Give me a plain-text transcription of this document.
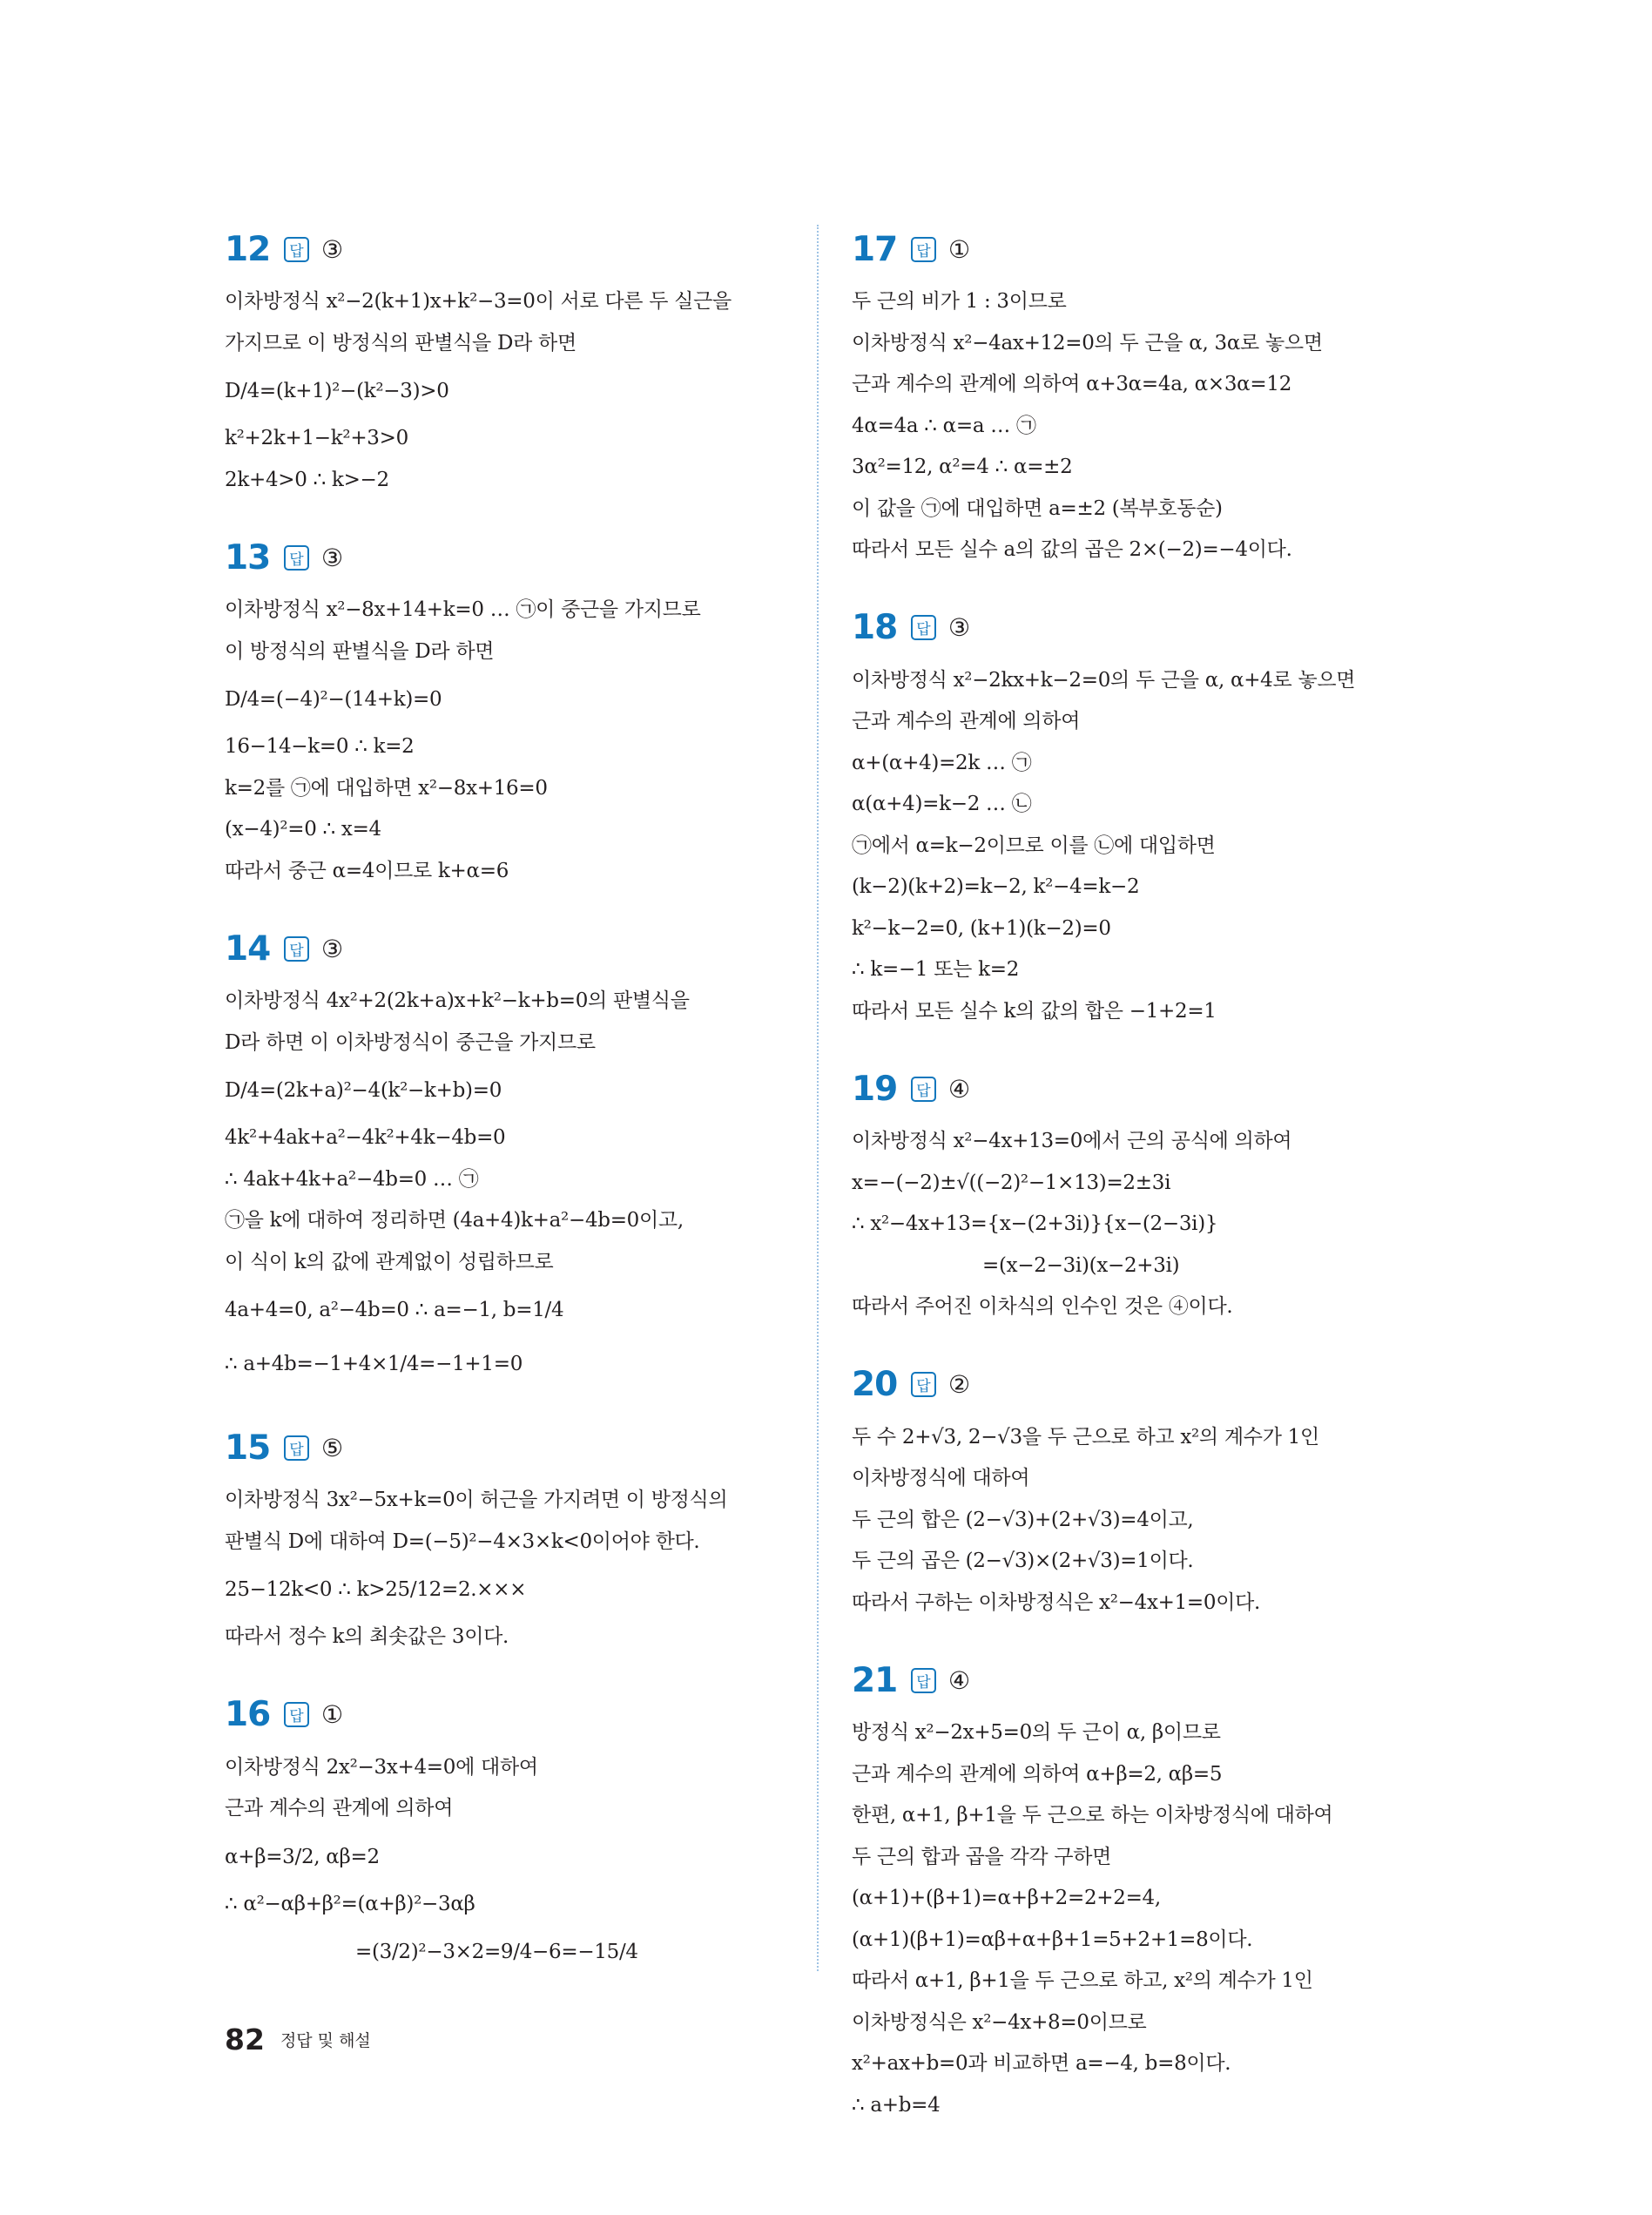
12	답 ③
이차방정식 x²−2(k+1)x+k²−3=0이 서로 다른 두 실근을
가지므로 이 방정식의 판별식을 D라 하면
D/4=(k+1)²−(k²−3)>0
k²+2k+1−k²+3>0
2k+4>0 ∴ k>−2
13	답 ③
이차방정식 x²−8x+14+k=0 … ㉠이 중근을 가지므로
이 방정식의 판별식을 D라 하면
D/4=(−4)²−(14+k)=0
16−14−k=0 ∴ k=2
k=2를 ㉠에 대입하면 x²−8x+16=0
(x−4)²=0 ∴ x=4
따라서 중근 α=4이므로 k+α=6
14	답 ③
이차방정식 4x²+2(2k+a)x+k²−k+b=0의 판별식을
D라 하면 이 이차방정식이 중근을 가지므로
D/4=(2k+a)²−4(k²−k+b)=0
4k²+4ak+a²−4k²+4k−4b=0
∴ 4ak+4k+a²−4b=0 … ㉠
㉠을 k에 대하여 정리하면 (4a+4)k+a²−4b=0이고,
이 식이 k의 값에 관계없이 성립하므로
4a+4=0, a²−4b=0 ∴ a=−1, b=1/4
∴ a+4b=−1+4×1/4=−1+1=0
15	답 ⑤
이차방정식 3x²−5x+k=0이 허근을 가지려면 이 방정식의
판별식 D에 대하여 D=(−5)²−4×3×k<0이어야 한다.
25−12k<0 ∴ k>25/12=2.×××
따라서 정수 k의 최솟값은 3이다.
16	답 ①
이차방정식 2x²−3x+4=0에 대하여
근과 계수의 관계에 의하여
α+β=3/2, αβ=2
∴ α²−αβ+β²=(α+β)²−3αβ
=(3/2)²−3×2=9/4−6=−15/4
17	답 ①
두 근의 비가 1 : 3이므로
이차방정식 x²−4ax+12=0의 두 근을 α, 3α로 놓으면
근과 계수의 관계에 의하여 α+3α=4a, α×3α=12
4α=4a ∴ α=a … ㉠
3α²=12, α²=4 ∴ α=±2
이 값을 ㉠에 대입하면 a=±2 (복부호동순)
따라서 모든 실수 a의 값의 곱은 2×(−2)=−4이다.
18	답 ③
이차방정식 x²−2kx+k−2=0의 두 근을 α, α+4로 놓으면
근과 계수의 관계에 의하여
α+(α+4)=2k … ㉠
α(α+4)=k−2 … ㉡
㉠에서 α=k−2이므로 이를 ㉡에 대입하면
(k−2)(k+2)=k−2, k²−4=k−2
k²−k−2=0, (k+1)(k−2)=0
∴ k=−1 또는 k=2
따라서 모든 실수 k의 값의 합은 −1+2=1
19	답 ④
이차방정식 x²−4x+13=0에서 근의 공식에 의하여
x=−(−2)±√((−2)²−1×13)=2±3i
∴ x²−4x+13={x−(2+3i)}{x−(2−3i)}
=(x−2−3i)(x−2+3i)
따라서 주어진 이차식의 인수인 것은 ④이다.
20	답 ②
두 수 2+√3, 2−√3을 두 근으로 하고 x²의 계수가 1인
이차방정식에 대하여
두 근의 합은 (2−√3)+(2+√3)=4이고,
두 근의 곱은 (2−√3)×(2+√3)=1이다.
따라서 구하는 이차방정식은 x²−4x+1=0이다.
21	답 ④
방정식 x²−2x+5=0의 두 근이 α, β이므로
근과 계수의 관계에 의하여 α+β=2, αβ=5
한편, α+1, β+1을 두 근으로 하는 이차방정식에 대하여
두 근의 합과 곱을 각각 구하면
(α+1)+(β+1)=α+β+2=2+2=4,
(α+1)(β+1)=αβ+α+β+1=5+2+1=8이다.
따라서 α+1, β+1을 두 근으로 하고, x²의 계수가 1인
이차방정식은 x²−4x+8=0이므로
x²+ax+b=0과 비교하면 a=−4, b=8이다.
∴ a+b=4
82 정답 및 해설
